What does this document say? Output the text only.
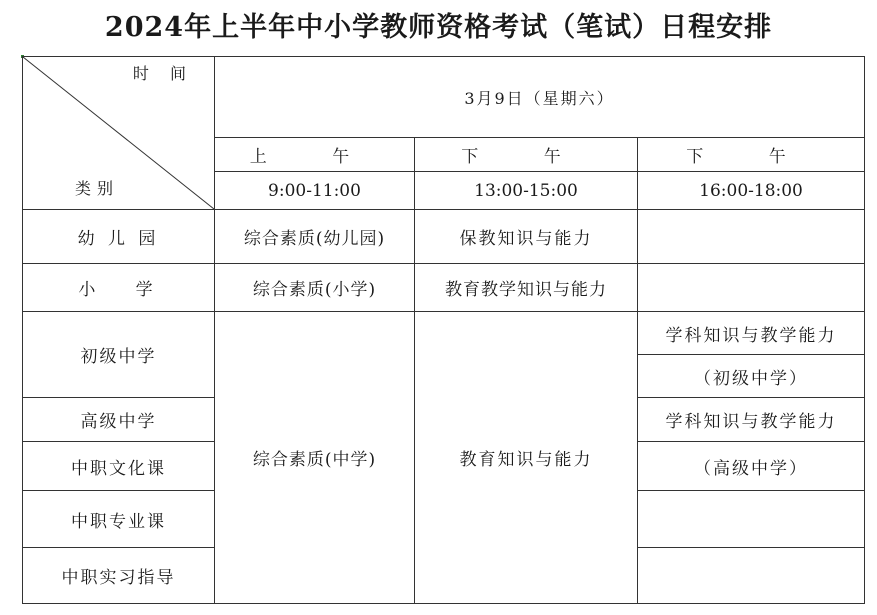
2024年上半年中小学教师资格考试（笔试）日程安排
时 间
类别	3月9日（星期六）		
	上 午	下 午	下 午
	9:00-11:00	13:00-15:00	16:00-18:00
幼 儿 园	综合素质(幼儿园)	保教知识与能力	
小   学	综合素质(小学)	教育教学知识与能力	
初级中学	综合素质(中学)	教育知识与能力	学科知识与教学能力
			（初级中学）
高级中学			学科知识与教学能力
中职文化课			（高级中学）
中职专业课			
中职实习指导			
